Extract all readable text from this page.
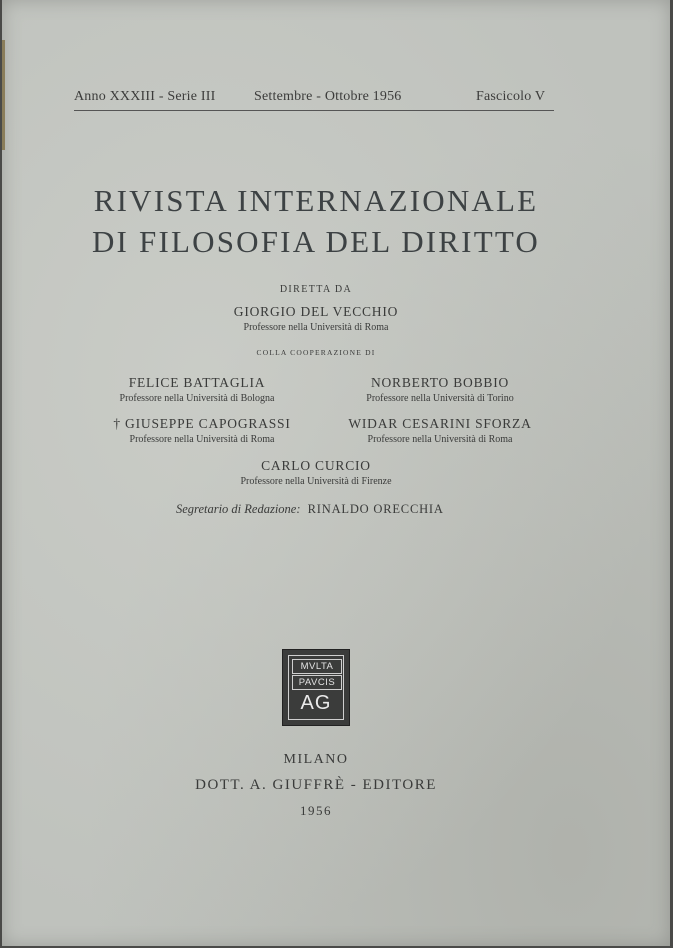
Anno XXXIII - Serie III	Settembre - Ottobre 1956	Fascicolo V
RIVISTA INTERNAZIONALE
DI FILOSOFIA DEL DIRITTO
DIRETTA DA
GIORGIO DEL VECCHIO
Professore nella Università di Roma
COLLA COOPERAZIONE DI
FELICE BATTAGLIA
Professore nella Università di Bologna
NORBERTO BOBBIO
Professore nella Università di Torino
† GIUSEPPE CAPOGRASSI
Professore nella Università di Roma
WIDAR CESARINI SFORZA
Professore nella Università di Roma
CARLO CURCIO
Professore nella Università di Firenze
Segretario di Redazione: RINALDO ORECCHIA
MVLTA
PAVCIS
AG
MILANO
DOTT. A. GIUFFRÈ - EDITORE
1956
